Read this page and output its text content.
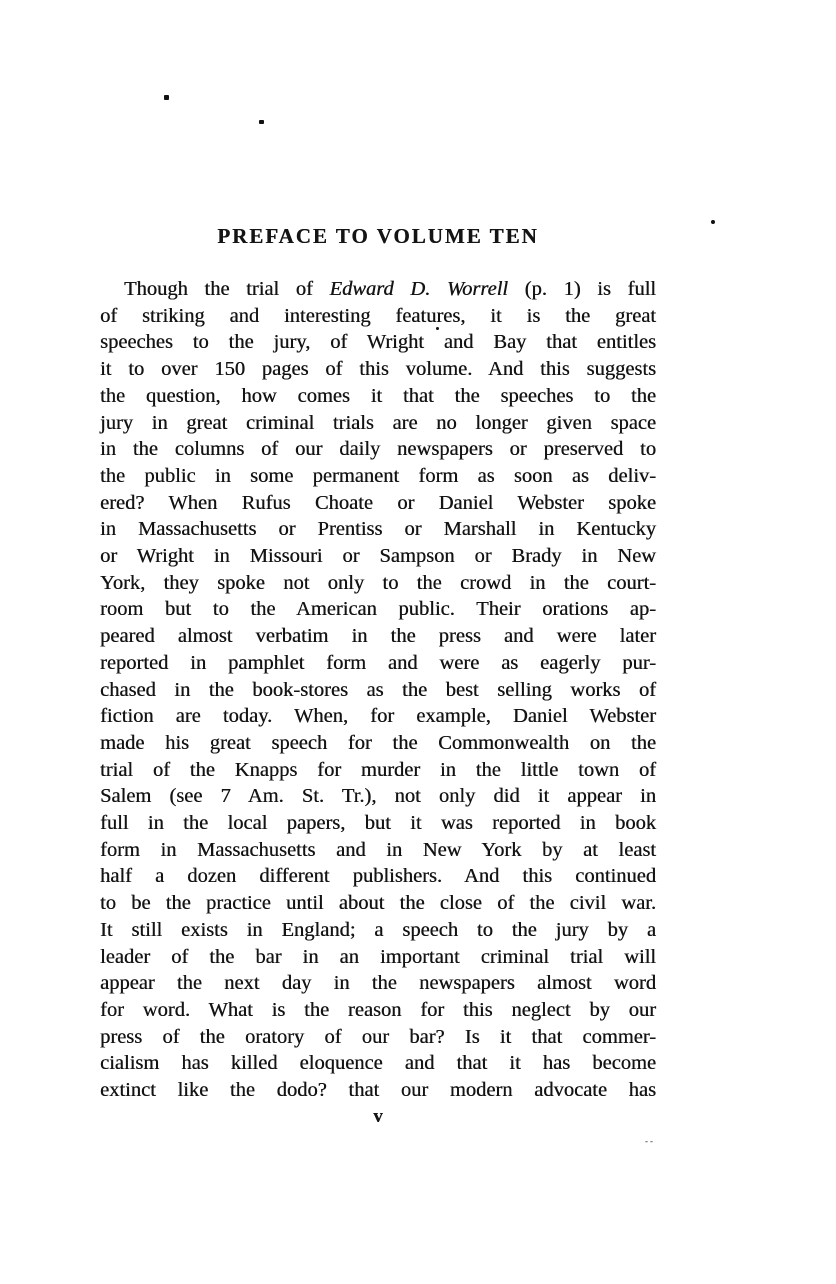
PREFACE TO VOLUME TEN

Though the trial of Edward D. Worrell (p. 1) is full

of striking and interesting features, it is the great

speeches to the jury, of Wright and Bay that entitles

it to over 150 pages of this volume. And this suggests

the question, how comes it that the speeches to the

jury in great criminal trials are no longer given space

in the columns of our daily newspapers or preserved to

the public in some permanent form as soon as deliv-

ered? When Rufus Choate or Daniel Webster spoke

in Massachusetts or Prentiss or Marshall in Kentucky

or Wright in Missouri or Sampson or Brady in New

York, they spoke not only to the crowd in the court-

room but to the American public. Their orations ap-

peared almost verbatim in the press and were later

reported in pamphlet form and were as eagerly pur-

chased in the book-stores as the best selling works of

fiction are today. When, for example, Daniel Webster

made his great speech for the Commonwealth on the

trial of the Knapps for murder in the little town of

Salem (see 7 Am. St. Tr.), not only did it appear in

full in the local papers, but it was reported in book

form in Massachusetts and in New York by at least

half a dozen different publishers. And this continued

to be the practice until about the close of the civil war.

It still exists in England; a speech to the jury by a

leader of the bar in an important criminal trial will

appear the next day in the newspapers almost word

for word. What is the reason for this neglect by our

press of the oratory of our bar? Is it that commer-

cialism has killed eloquence and that it has become

extinct like the dodo? that our modern advocate has

v
--
